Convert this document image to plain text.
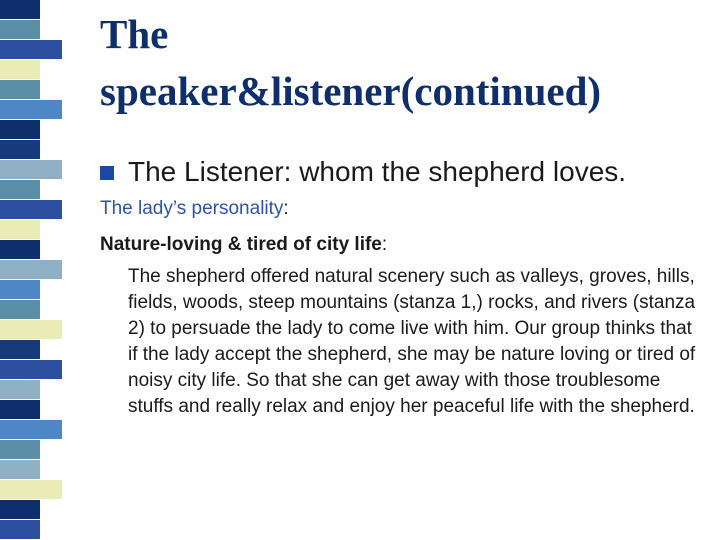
The
speaker&listener(continued)
The Listener: whom the shepherd loves.
The lady’s personality:
Nature-loving & tired of city life:

The shepherd offered natural scenery such as valleys, groves, hills, fields, woods, steep mountains (stanza 1,) rocks, and rivers (stanza 2) to persuade the lady to come live with him. Our group thinks that if the lady accept the shepherd, she may be nature loving or tired of noisy city life. So that she can get away with those troublesome stuffs and really relax and enjoy her peaceful life with the shepherd.
